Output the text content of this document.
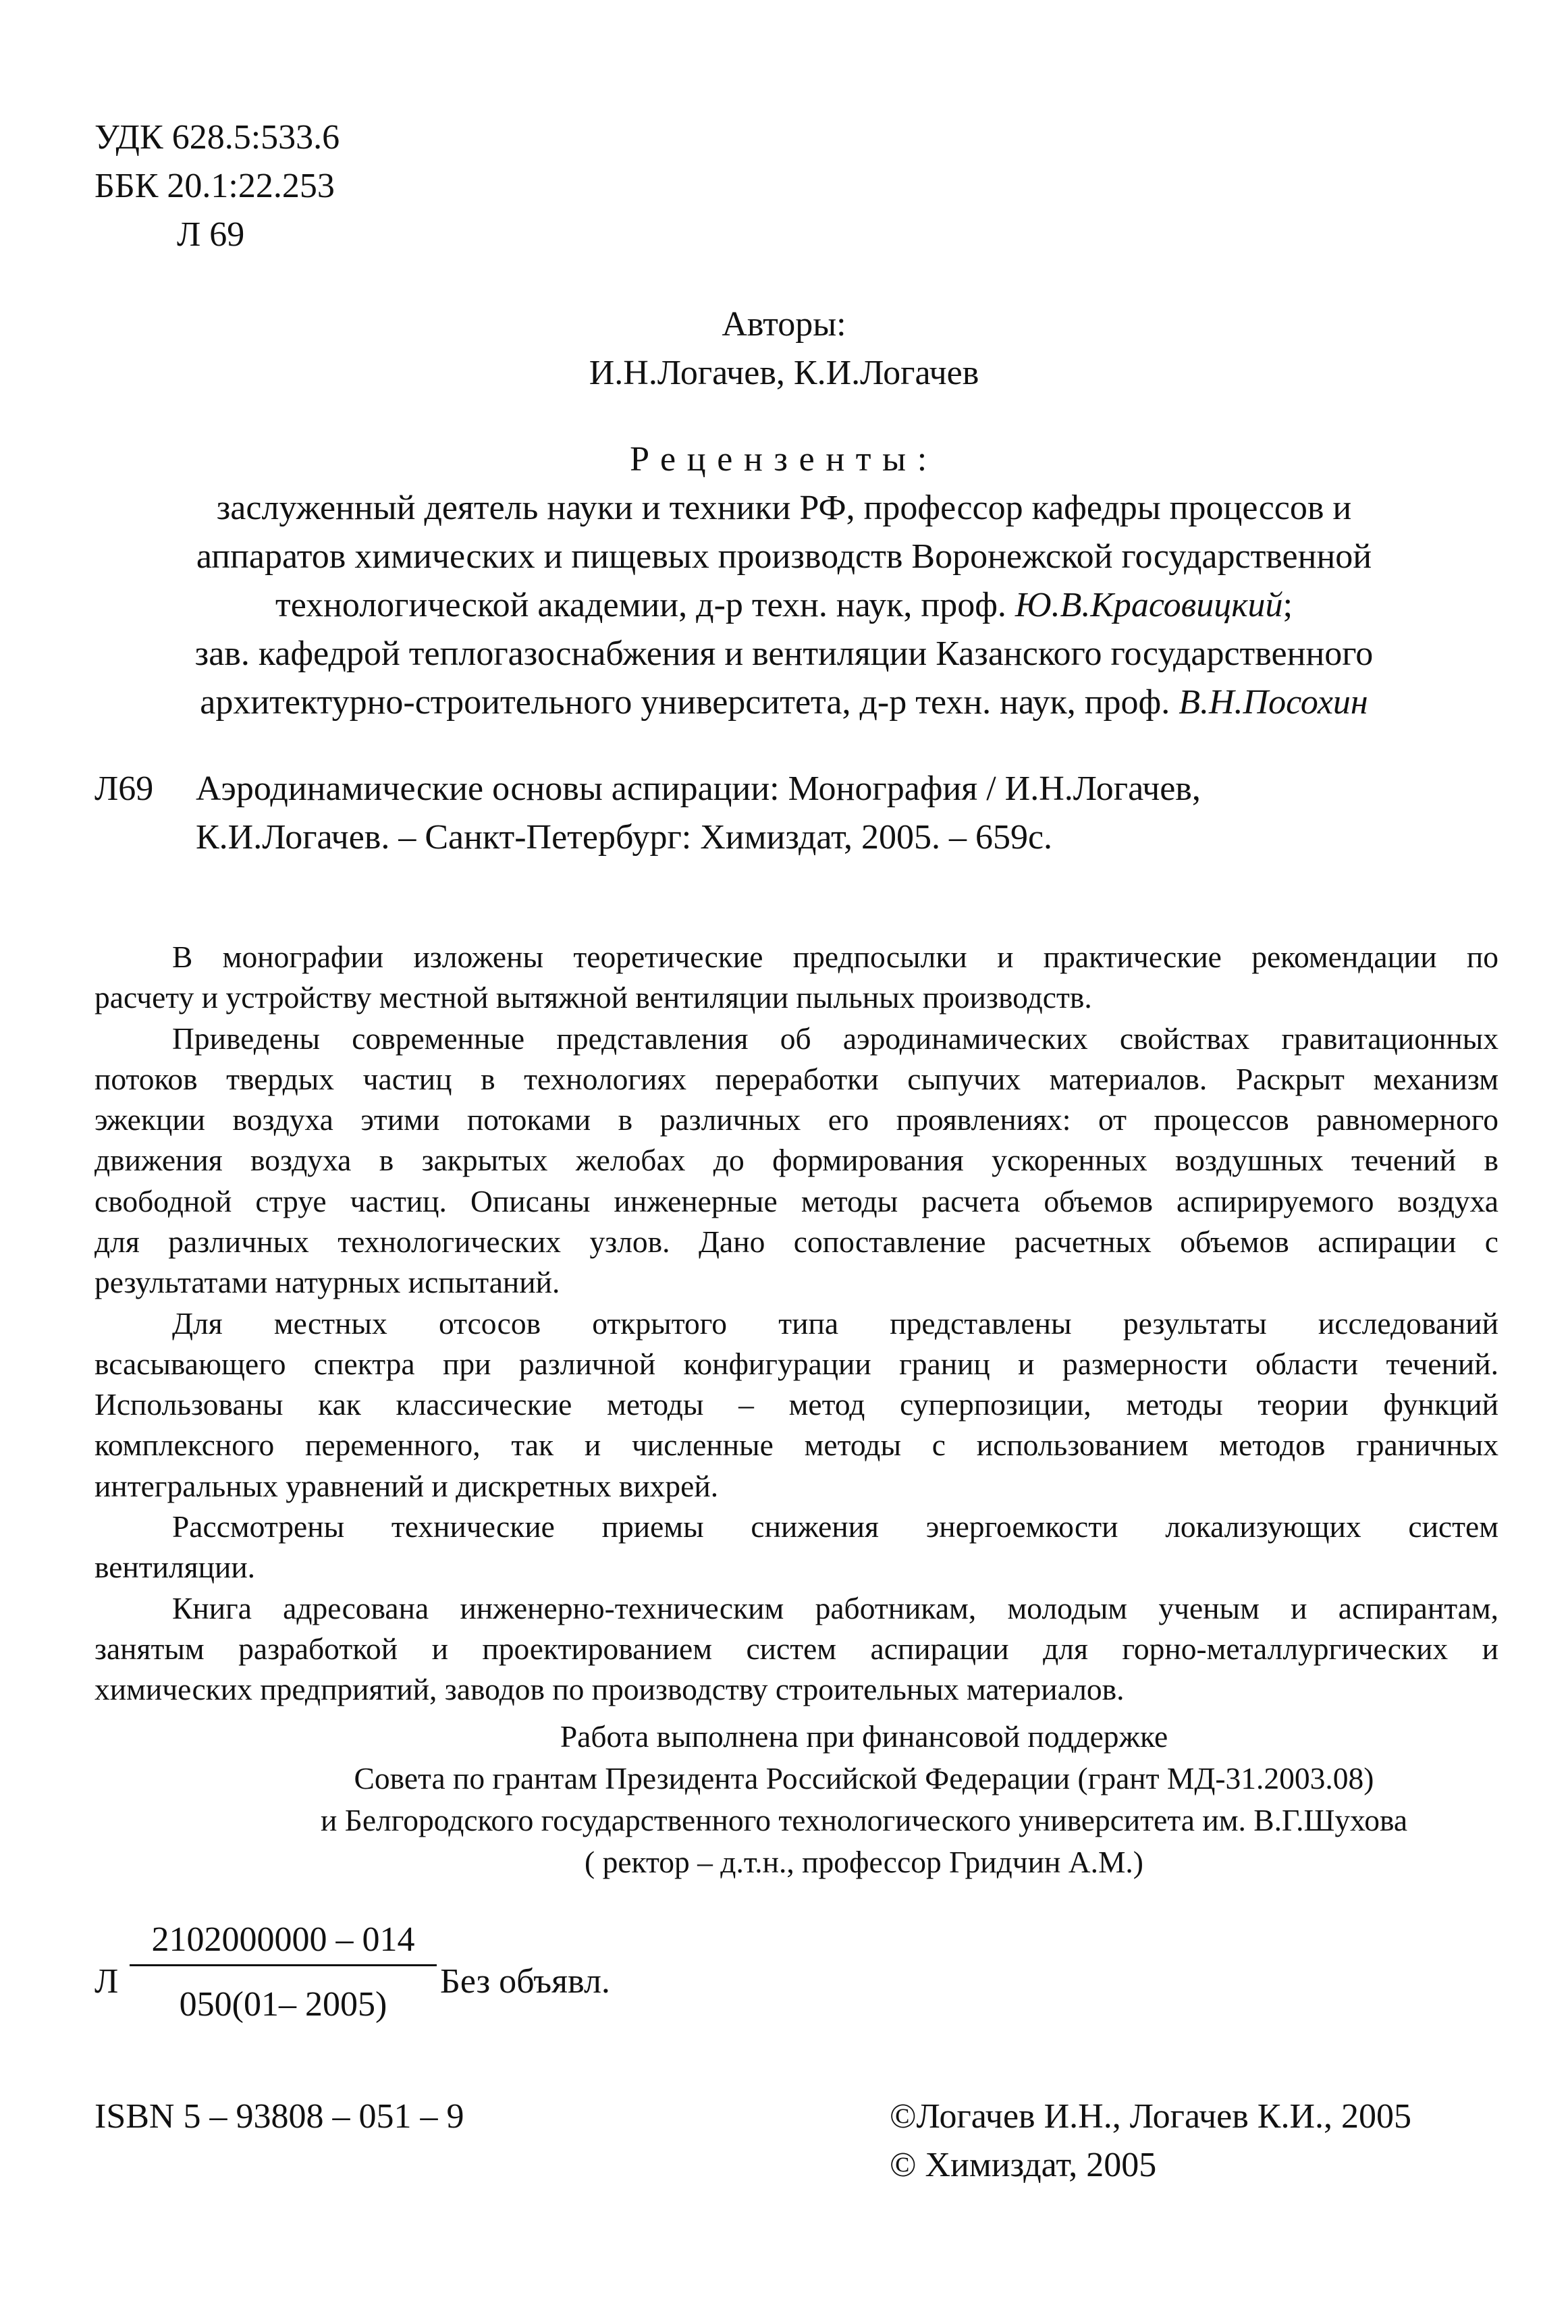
УДК 628.5:533.6
ББК 20.1:22.253
Л 69
Авторы:
И.Н.Логачев, К.И.Логачев
Рецензенты:
заслуженный деятель науки и техники РФ, профессор кафедры процессов и
аппаратов химических и пищевых производств Воронежской государственной
технологической академии, д-р техн. наук, проф. Ю.В.Красовицкий;
зав. кафедрой теплогазоснабжения и вентиляции Казанского государственного
архитектурно-строительного университета, д-р техн. наук, проф. В.Н.Посохин
Л69 Аэродинамические основы аспирации: Монография / И.Н.Логачев,
К.И.Логачев. – Санкт-Петербург: Химиздат, 2005. – 659с.
В монографии изложены теоретические предпосылки и практические рекомендации по
расчету и устройству местной вытяжной вентиляции пыльных производств.
Приведены современные представления об аэродинамических свойствах гравитационных
потоков твердых частиц в технологиях переработки сыпучих материалов. Раскрыт механизм
эжекции воздуха этими потоками в различных его проявлениях: от процессов равномерного
движения воздуха в закрытых желобах до формирования ускоренных воздушных течений в
свободной струе частиц. Описаны инженерные методы расчета объемов аспирируемого воздуха
для различных технологических узлов. Дано сопоставление расчетных объемов аспирации с
результатами натурных испытаний.
Для местных отсосов открытого типа представлены результаты исследований
всасывающего спектра при различной конфигурации границ и размерности области течений.
Использованы как классические методы – метод суперпозиции, методы теории функций
комплексного переменного, так и численные методы с использованием методов граничных
интегральных уравнений и дискретных вихрей.
Рассмотрены технические приемы снижения энергоемкости локализующих систем
вентиляции.
Книга адресована инженерно-техническим работникам, молодым ученым и аспирантам,
занятым разработкой и проектированием систем аспирации для горно-металлургических и
химических предприятий, заводов по производству строительных материалов.
Работа выполнена при финансовой поддержке
Совета по грантам Президента Российской Федерации (грант МД-31.2003.08)
и Белгородского государственного технологического университета им. В.Г.Шухова
( ректор – д.т.н., профессор Гридчин А.М.)
Л
2102000000 – 014
050(01– 2005)
Без объявл.
ISBN 5 – 93808 – 051 – 9	©Логачев И.Н., Логачев К.И., 2005
© Химиздат, 2005
